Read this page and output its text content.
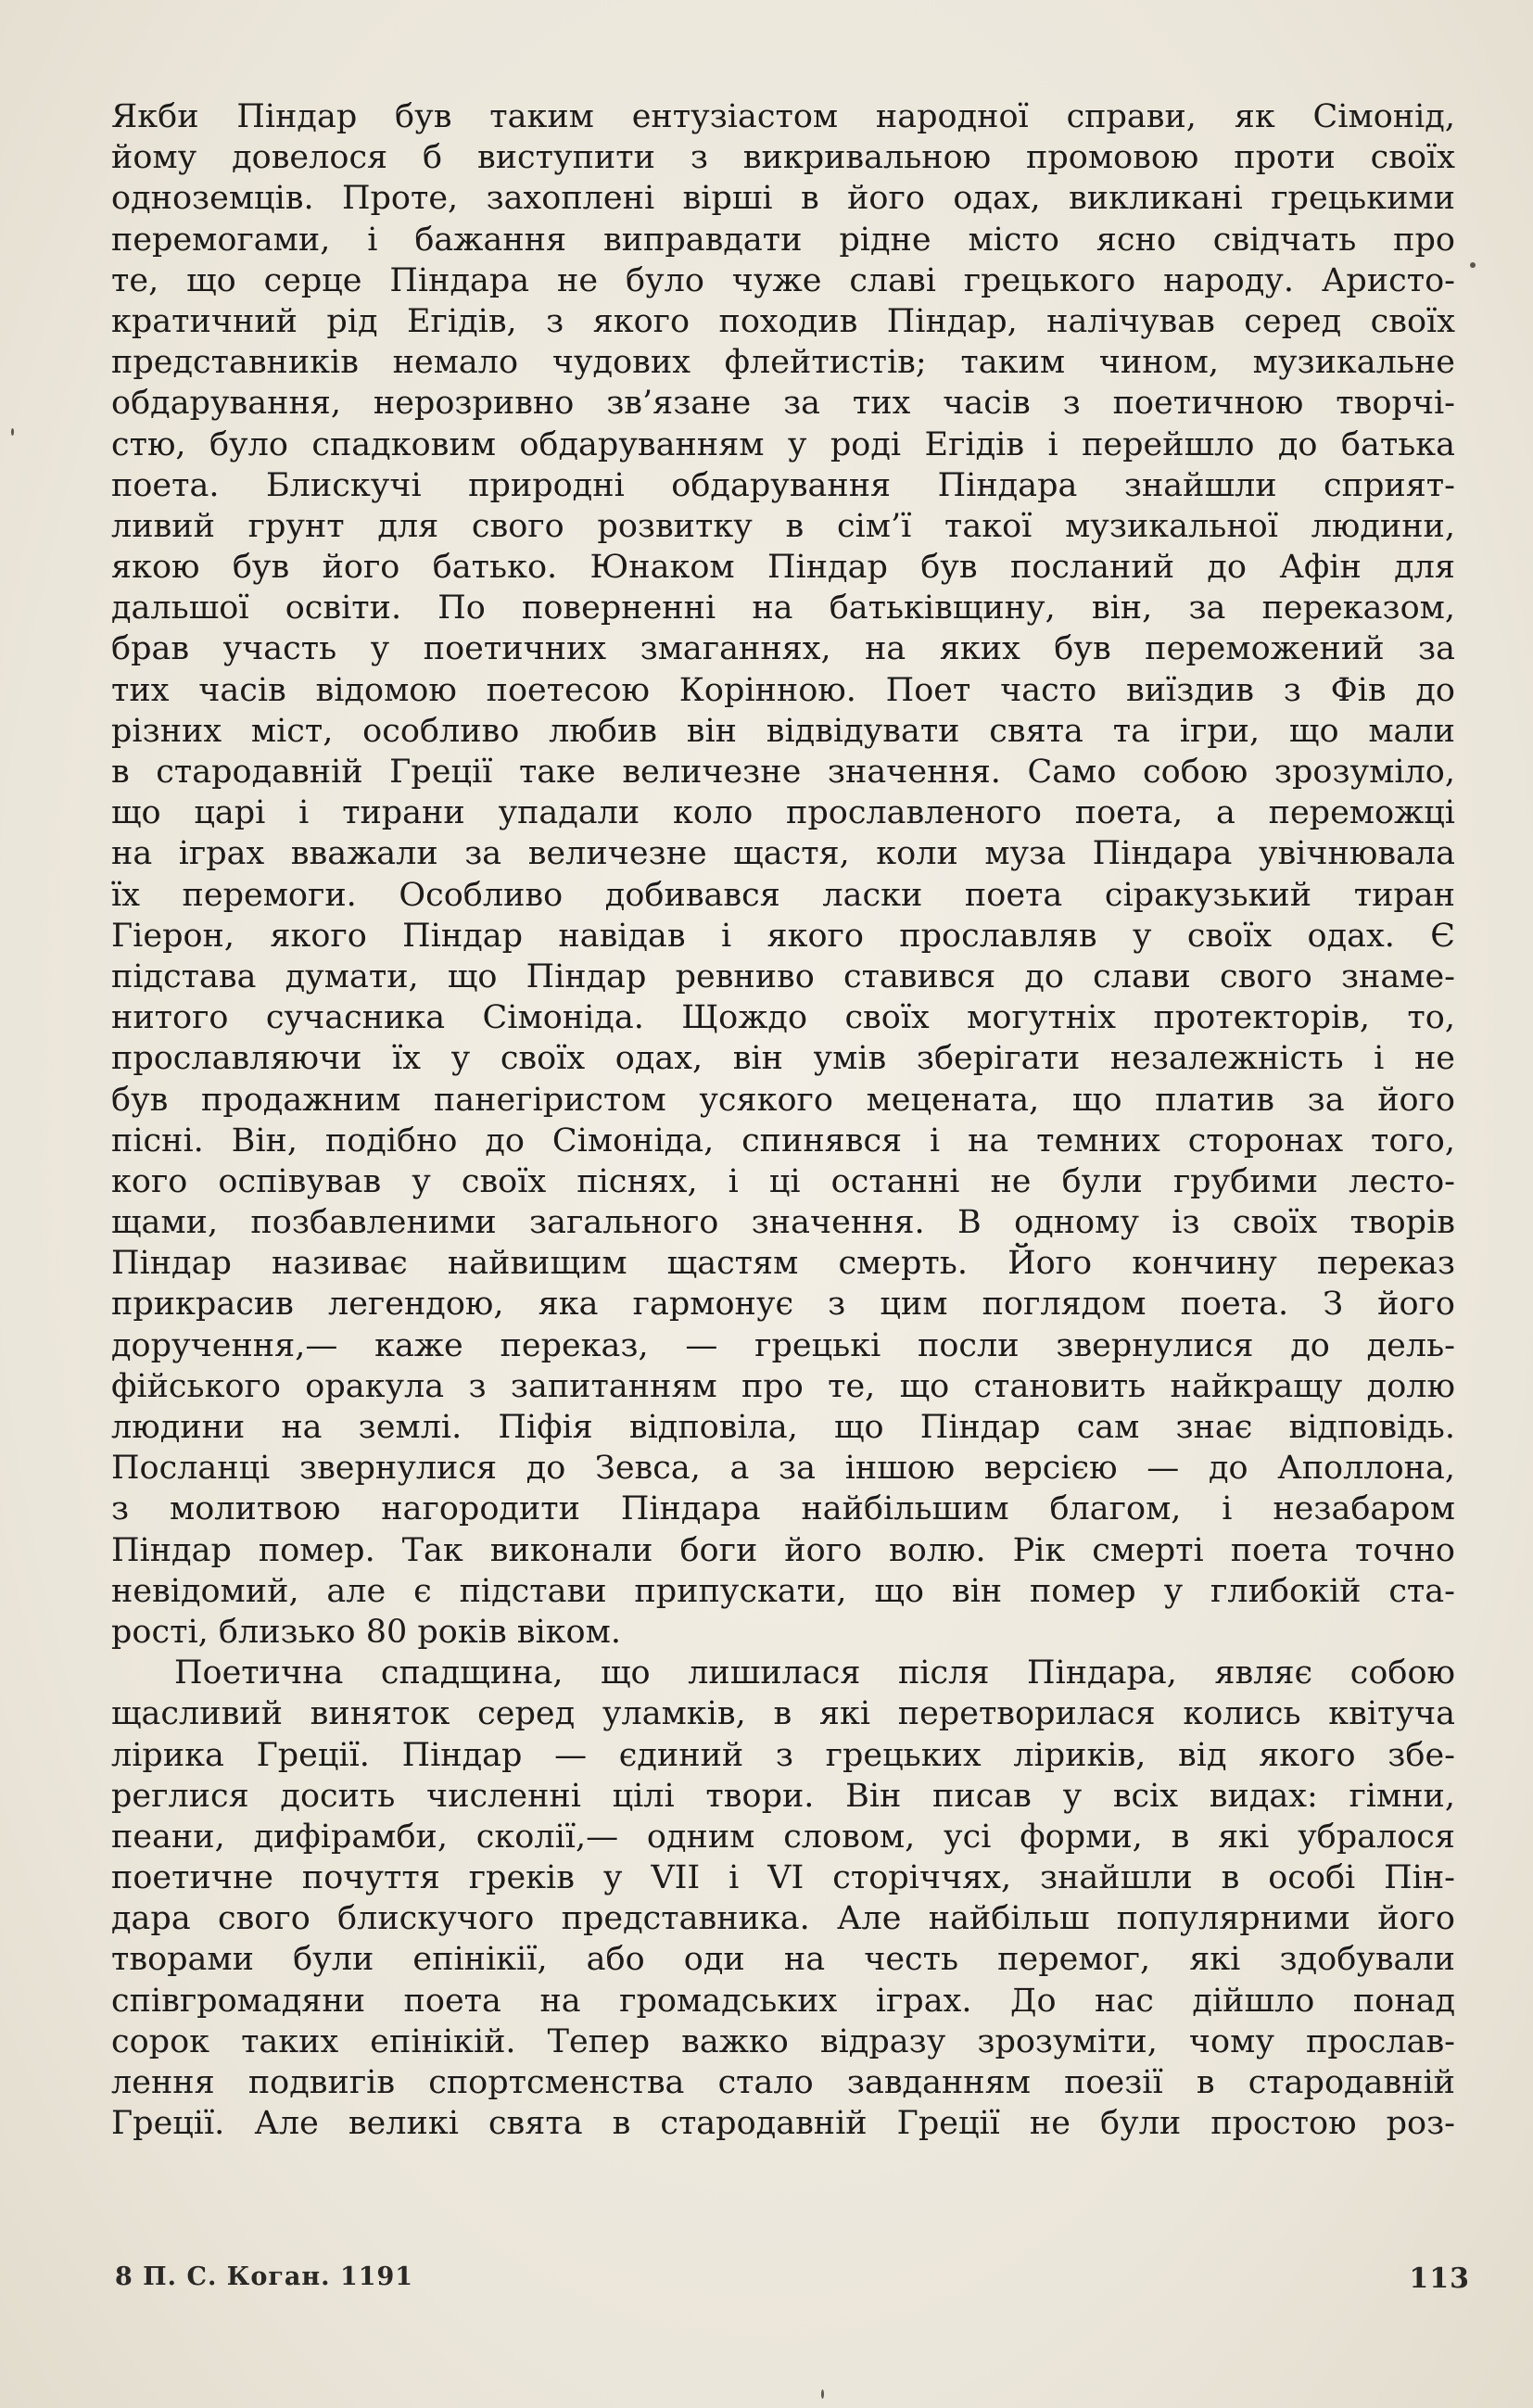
Якби Піндар був таким ентузіастом народної справи, як Сімонід,
йому довелося б виступити з викривальною промовою проти своїх
одноземців. Проте, захоплені вірші в його одах, викликані грецькими
перемогами, і бажання виправдати рідне місто ясно свідчать про
те, що серце Піндара не було чуже славі грецького народу. Аристо-
кратичний рід Егідів, з якого походив Піндар, налічував серед своїх
представників немало чудових флейтистів; таким чином, музикальне
обдарування, нерозривно зв’язане за тих часів з поетичною творчі-
стю, було спадковим обдаруванням у роді Егідів і перейшло до батька
поета. Блискучі природні обдарування Піндара знайшли сприят-
ливий грунт для свого розвитку в сім’ї такої музикальної людини,
якою був його батько. Юнаком Піндар був посланий до Афін для
дальшої освіти. По поверненні на батьківщину, він, за переказом,
брав участь у поетичних змаганнях, на яких був переможений за
тих часів відомою поетесою Корінною. Поет часто виїздив з Фів до
різних міст, особливо любив він відвідувати свята та ігри, що мали
в стародавній Греції таке величезне значення. Само собою зрозуміло,
що царі і тирани упадали коло прославленого поета, а переможці
на іграх вважали за величезне щастя, коли муза Піндара увічнювала
їх перемоги. Особливо добивався ласки поета сіракузький тиран
Гіерон, якого Піндар навідав і якого прославляв у своїх одах. Є
підстава думати, що Піндар ревниво ставився до слави свого знаме-
нитого сучасника Сімоніда. Щождо своїх могутніх протекторів, то,
прославляючи їх у своїх одах, він умів зберігати незалежність і не
був продажним панегіристом усякого мецената, що платив за його
пісні. Він, подібно до Сімоніда, спинявся і на темних сторонах того,
кого оспівував у своїх піснях, і ці останні не були грубими лесто-
щами, позбавленими загального значення. В одному із своїх творів
Піндар називає найвищим щастям смерть. Його кончину переказ
прикрасив легендою, яка гармонує з цим поглядом поета. З його
доручення,— каже переказ, — грецькі посли звернулися до дель-
фійського оракула з запитанням про те, що становить найкращу долю
людини на землі. Піфія відповіла, що Піндар сам знає відповідь.
Посланці звернулися до Зевса, а за іншою версією — до Аполлона,
з молитвою нагородити Піндара найбільшим благом, і незабаром
Піндар помер. Так виконали боги його волю. Рік смерті поета точно
невідомий, але є підстави припускати, що він помер у глибокій ста-
рості, близько 80 років віком.
Поетична спадщина, що лишилася після Піндара, являє собою
щасливий виняток серед уламків, в які перетворилася колись квітуча
лірика Греції. Піндар — єдиний з грецьких ліриків, від якого збе-
реглися досить численні цілі твори. Він писав у всіх видах: гімни,
пеани, дифірамби, сколії,— одним словом, усі форми, в які убралося
поетичне почуття греків у VII і VI сторіччях, знайшли в особі Пін-
дара свого блискучого представника. Але найбільш популярними його
творами були епінікії, або оди на честь перемог, які здобували
співгромадяни поета на громадських іграх. До нас дійшло понад
сорок таких епінікій. Тепер важко відразу зрозуміти, чому прослав-
лення подвигів спортсменства стало завданням поезії в стародавній
Греції. Але великі свята в стародавній Греції не були простою роз-
8 П. С. Коган. 1191	113
